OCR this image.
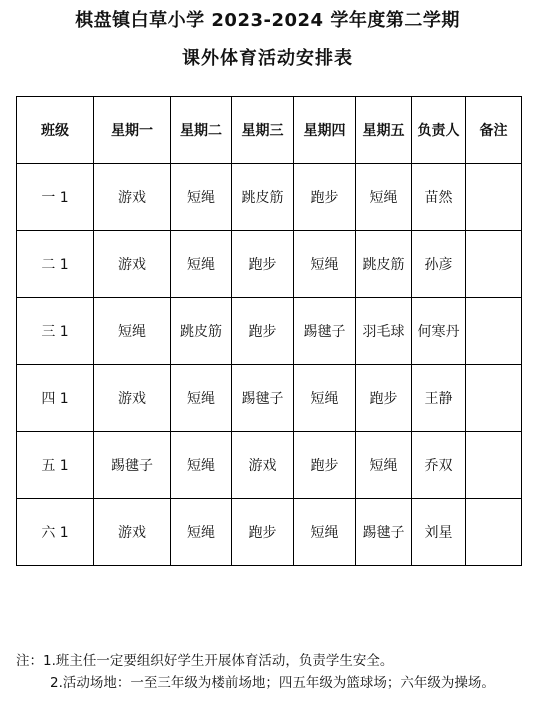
棋盘镇白草小学 2023-2024 学年度第二学期
课外体育活动安排表
班级	星期一	星期二	星期三	星期四	星期五	负责人	备注
一 1	游戏	短绳	跳皮筋	跑步	短绳	苗然	
二 1	游戏	短绳	跑步	短绳	跳皮筋	孙彦	
三 1	短绳	跳皮筋	跑步	踢毽子	羽毛球	何寒丹	
四 1	游戏	短绳	踢毽子	短绳	跑步	王静	
五 1	踢毽子	短绳	游戏	跑步	短绳	乔双	
六 1	游戏	短绳	跑步	短绳	踢毽子	刘星	
注：1.班主任一定要组织好学生开展体育活动，负责学生安全。
2.活动场地：一至三年级为楼前场地；四五年级为篮球场；六年级为操场。
